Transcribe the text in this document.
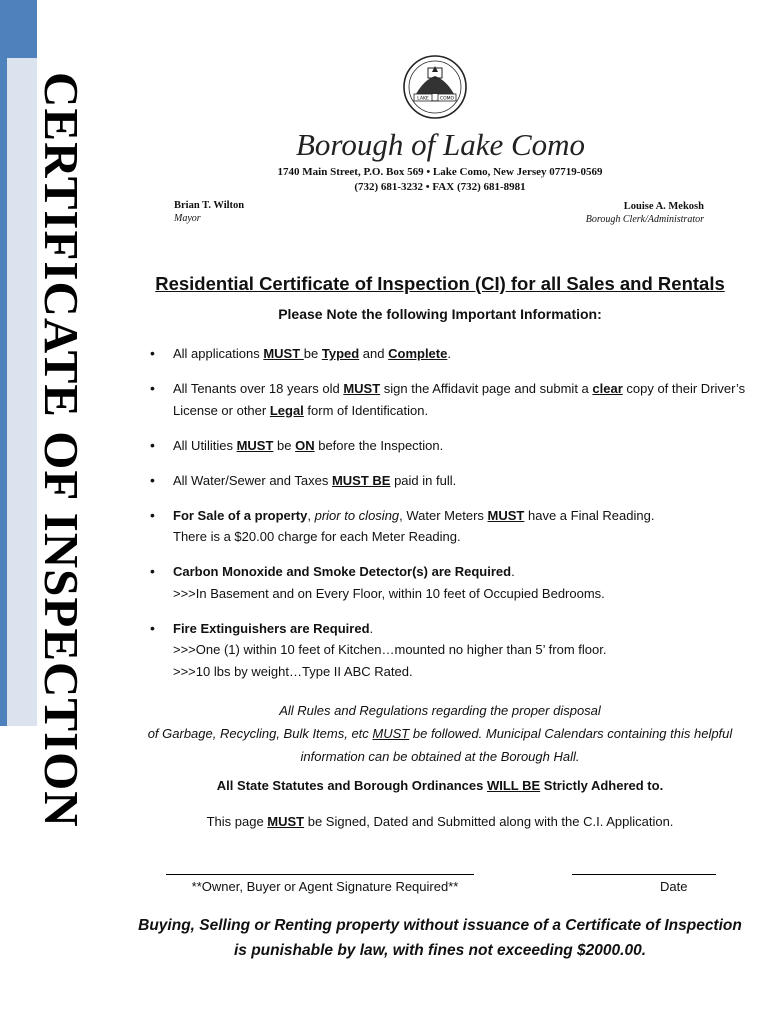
CERTIFICATE OF INSPECTION	LAKE COMO
Borough of Lake Como
1740 Main Street, P.O. Box 569 • Lake Como, New Jersey 07719-0569
(732) 681-3232 • FAX (732) 681-8981
Brian T. Wilton
Mayor
Louise A. Mekosh
Borough Clerk/Administrator
Residential Certificate of Inspection (CI) for all Sales and Rentals
Please Note the following Important Information:
• All applications MUST be Typed and Complete.
• All Tenants over 18 years old MUST sign the Affidavit page and submit a clear copy of their Driver’s License or other Legal form of Identification.
• All Utilities MUST be ON before the Inspection.
• All Water/Sewer and Taxes MUST BE paid in full.
• For Sale of a property, prior to closing, Water Meters MUST have a Final Reading.
There is a $20.00 charge for each Meter Reading.
• Carbon Monoxide and Smoke Detector(s) are Required.
>>>In Basement and on Every Floor, within 10 feet of Occupied Bedrooms.
• Fire Extinguishers are Required.
>>>One (1) within 10 feet of Kitchen…mounted no higher than 5’ from floor.
>>>10 lbs by weight…Type II ABC Rated.
All Rules and Regulations regarding the proper disposal
of Garbage, Recycling, Bulk Items, etc MUST be followed. Municipal Calendars containing this helpful
information can be obtained at the Borough Hall.
All State Statutes and Borough Ordinances WILL BE Strictly Adhered to.
This page MUST be Signed, Dated and Submitted along with the C.I. Application.
**Owner, Buyer or Agent Signature Required**	Date
Buying, Selling or Renting property without issuance of a Certificate of Inspection
is punishable by law, with fines not exceeding $2000.00.
